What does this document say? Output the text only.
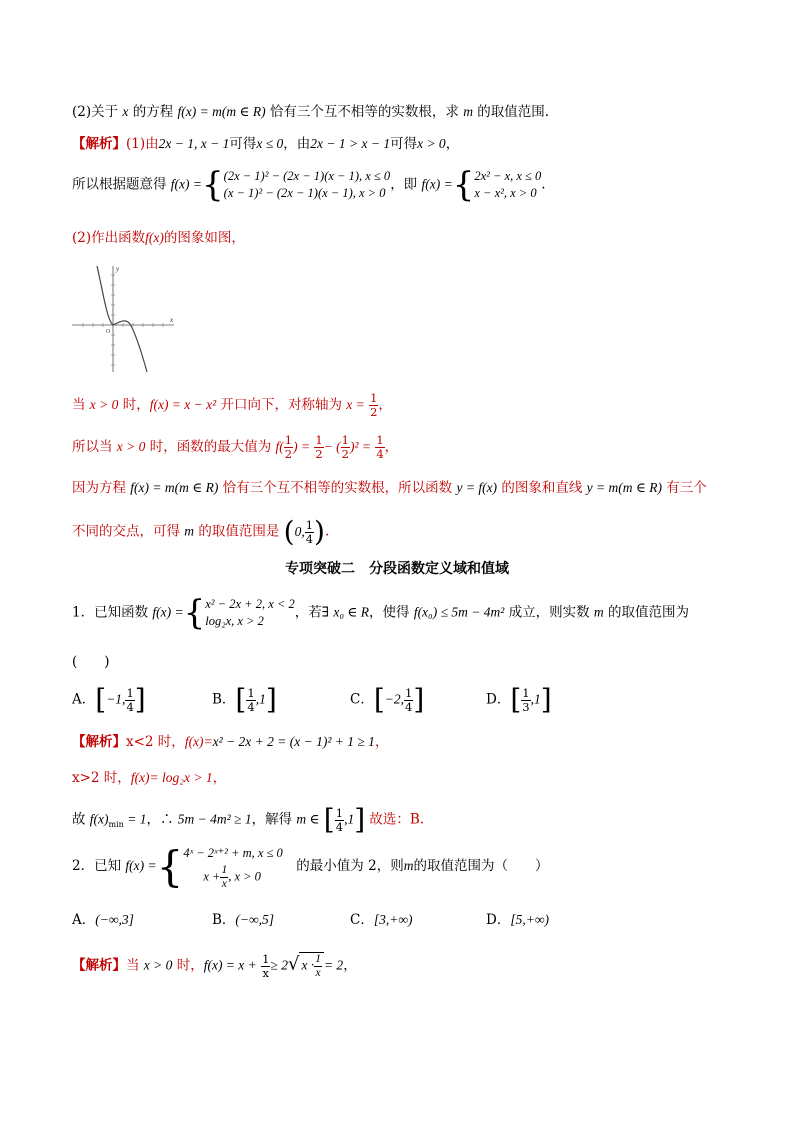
(2)关于 x 的方程 f(x) = m(m ∈ R) 恰有三个互不相等的实数根，求 m 的取值范围.
【解析】(1)由2x − 1, x − 1可得x ≤ 0，由2x − 1 > x − 1可得x > 0，
所以根据题意得 f(x) ={ (2x − 1)² − (2x − 1)(x − 1), x ≤ 0
(x − 1)² − (2x − 1)(x − 1), x > 0
，即 f(x) ={ 2x² − x, x ≤ 0
x − x², x > 0
.
(2)作出函数f(x)的图象如图，
x
y
O
当 x > 0 时，f(x) = x − x² 开口向下，对称轴为 $x = \frac{1}{2}$ ，
所以当 x > 0 时，函数的最大值为 $f( \frac{1}{2}$ ) = $\frac{1}{2}$ − ( $\frac{1}{2} )^2 = \frac{1}{4}$ ，
因为方程 f(x) = m(m ∈ R) 恰有三个互不相等的实数根，所以函数 y = f(x) 的图象和直线 y = m(m ∈ R) 有三个
不同的交点，可得 m 的取值范围是 (0, $\frac{1}{4}$ ).
专项突破二　分段函数定义域和值域
1．已知函数 f(x) ={ x² − 2x + 2, x < 2
log₂x, x > 2
，若∃ x₀ ∈ R，使得 f(x₀) ≤ 5m − 4m² 成立，则实数 m 的取值范围为
(　　)
A．[−1, $\frac{1}{4}$ ]	B．[ $\frac{1}{4} ,1$]	C．[−2, $\frac{1}{4}$ ]	D．[ $\frac{1}{3} ,1$]
【解析】x<2 时，f(x)=x² − 2x + 2 = (x − 1)² + 1 ≥ 1，
x>2 时，f(x)= log₂x > 1，
故 $f(x)_{min} = 1$，∴ 5m − 4m² ≥ 1，解得 m ∈ [ $\frac{1}{4} ,1$] 故选：B.
2．已知 f(x) ={ 4ˣ − 2ˣ⁺² + m, x ≤ 0
$x + \frac{1}{x}$ , x > 0
　的最小值为 2，则m的取值范围为（　　）
A．(−∞,3]	B．(−∞,5]	C．[3,+∞)	D．[5,+∞)
【解析】当 x > 0 时，$f(x) = x + \frac{1}{x} \ge 2√$ $x \cdot \frac{1}{x} = 2$，
